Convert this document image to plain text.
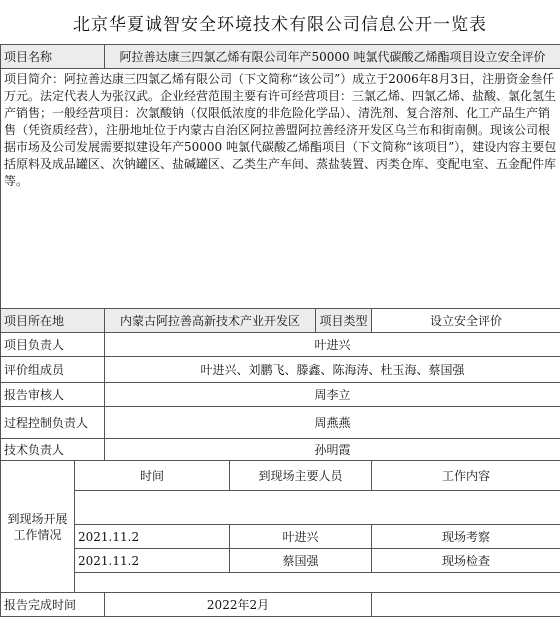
北京华夏诚智安全环境技术有限公司信息公开一览表
项目名称		阿拉善达康三四氯乙烯有限公司年产50000 吨氯代碳酸乙烯酯项目设立安全评价			
项目简介：阿拉善达康三四氯乙烯有限公司（下文简称“该公司”）成立于2006年8月3日，注册资金叁仟万元。法定代表人为张汉武。企业经营范围主要有许可经营项目：三氯乙烯、四氯乙烯、盐酸、氯化氢生产销售；一般经营项目：次氯酸钠（仅限低浓度的非危险化学品）、清洗剂、复合溶剂、化工产品生产销售（凭资质经营），注册地址位于内蒙古自治区阿拉善盟阿拉善经济开发区乌兰布和街南侧。现该公司根据市场及公司发展需要拟建设年产50000 吨氯代碳酸乙烯酯项目（下文简称“该项目”），建设内容主要包括原料及成品罐区、次钠罐区、盐碱罐区、乙类生产车间、蒸盐装置、丙类仓库、变配电室、五金配件库等。					
项目所在地		内蒙古阿拉善高新技术产业开发区		项目类型	设立安全评价
项目负责人		叶进兴			
评价组成员		叶进兴、刘鹏飞、滕鑫、陈海涛、杜玉海、蔡国强			
报告审核人		周李立			
过程控制负责人		周燕燕			
技术负责人		孙明霞			
到现场开展工作情况	时间		到现场主要人员		工作内容

	2021.11.2		叶进兴		现场考察
	2021.11.2		蔡国强		现场检查

报告完成时间		2022年2月			
